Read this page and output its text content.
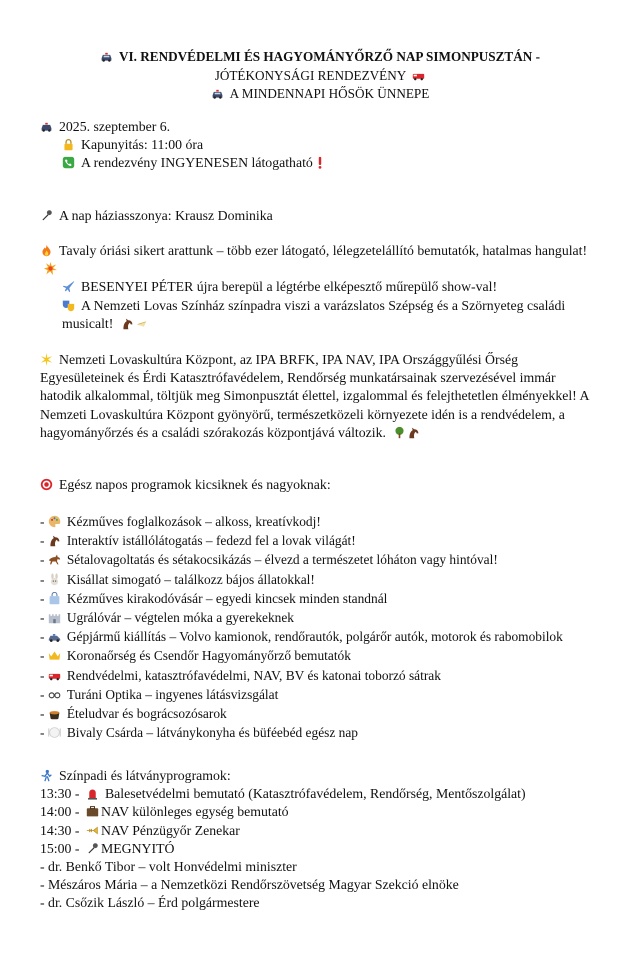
VI. RENDVÉDELMI ÉS HAGYOMÁNYŐRZŐ NAP SIMONPUSZTÁN -
JÓTÉKONYSÁGI RENDEZVÉNY
A MINDENNAPI HŐSÖK ÜNNEPE
2025. szeptember 6.
Kapunyitás: 11:00 óra
A rendezvény INGYENESEN látogatható
A nap háziasszonya: Krausz Dominika
Tavaly óriási sikert arattunk – több ezer látogató, lélegzetelállító bemutatók, hatalmas hangulat!
BESENYEI PÉTER újra berepül a légtérbe elképesztő műrepülő show-val!
A Nemzeti Lovas Színház színpadra viszi a varázslatos Szépség és a Szörnyeteg családi musicalt!
Nemzeti Lovaskultúra Központ, az IPA BRFK, IPA NAV, IPA Országgyűlési Őrség Egyesületeinek és Érdi Katasztrófavédelem, Rendőrség munkatársainak szervezésével immár hatodik alkalommal, töltjük meg Simonpusztát élettel, izgalommal és felejthetetlen élményekkel! A Nemzeti Lovaskultúra Központ gyönyörű, természetközeli környezete idén is a rendvédelem, a hagyományőrzés és a családi szórakozás központjává változik.
Egész napos programok kicsiknek és nagyoknak:
- Kézműves foglalkozások – alkoss, kreatívkodj!
- Interaktív istállólátogatás – fedezd fel a lovak világát!
- Sétalovagoltatás és sétakocsikázás – élvezd a természetet lóháton vagy hintóval!
- Kisállat simogató – találkozz bájos állatokkal!
- Kézműves kirakodóvásár – egyedi kincsek minden standnál
- Ugrálóvár – végtelen móka a gyerekeknek
- Gépjármű kiállítás – Volvo kamionok, rendőrautók, polgárőr autók, motorok és rabomobilok
- Koronaőrség és Csendőr Hagyományőrző bemutatók
- Rendvédelmi, katasztrófavédelmi, NAV, BV és katonai toborzó sátrak
- Turáni Optika – ingyenes látásvizsgálat
- Ételudvar és bográcsozósarok
- Bivaly Csárda – látványkonyha és büféebéd egész nap
Színpadi és látványprogramok:
13:30 - Balesetvédelmi bemutató (Katasztrófavédelem, Rendőrség, Mentőszolgálat)
14:00 - NAV különleges egység bemutató
14:30 - NAV Pénzügyőr Zenekar
15:00 - MEGNYITÓ
- dr. Benkő Tibor – volt Honvédelmi miniszter
- Mészáros Mária – a Nemzetközi Rendőrszövetség Magyar Szekció elnöke
- dr. Csőzik László – Érd polgármestere
